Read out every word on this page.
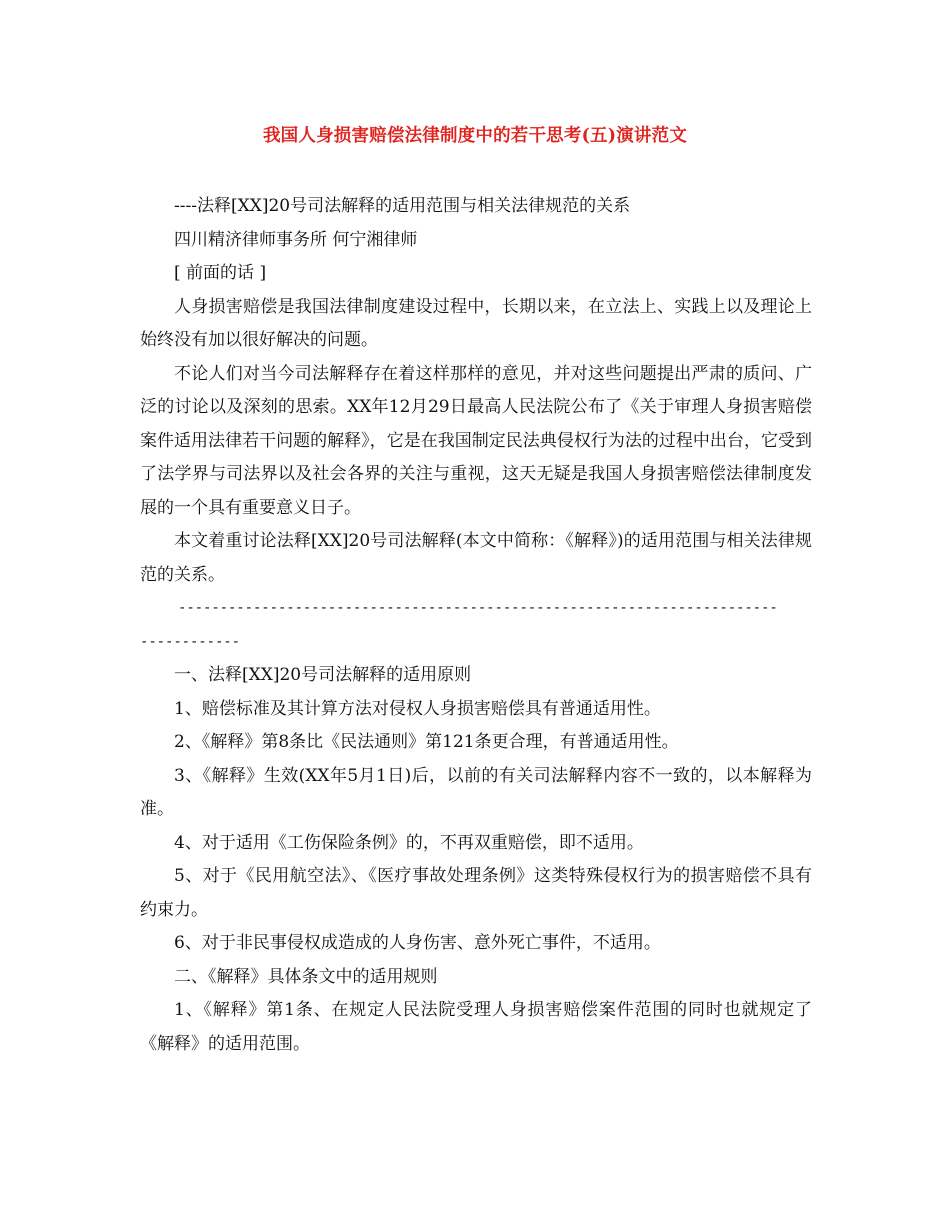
我国人身损害赔偿法律制度中的若干思考(五)演讲范文

----法释[XX]20号司法解释的适用范围与相关法律规范的关系

四川精济律师事务所 何宁湘律师

[ 前面的话 ]

人身损害赔偿是我国法律制度建设过程中，长期以来，在立法上、实践上以及理论上始终没有加以很好解决的问题。

不论人们对当今司法解释存在着这样那样的意见，并对这些问题提出严肃的质问、广泛的讨论以及深刻的思索。XX年12月29日最高人民法院公布了《关于审理人身损害赔偿案件适用法律若干问题的解释》，它是在我国制定民法典侵权行为法的过程中出台，它受到了法学界与司法界以及社会各界的关注与重视，这天无疑是我国人身损害赔偿法律制度发展的一个具有重要意义日子。

本文着重讨论法释[XX]20号司法解释(本文中简称：《解释》)的适用范围与相关法律规范的关系。

------------------------------------------------------------------------
------------

一、法释[XX]20号司法解释的适用原则

1、赔偿标准及其计算方法对侵权人身损害赔偿具有普通适用性。

2、《解释》第8条比《民法通则》第121条更合理，有普通适用性。

3、《解释》生效(XX年5月1日)后，以前的有关司法解释内容不一致的，以本解释为准。

4、对于适用《工伤保险条例》的，不再双重赔偿，即不适用。

5、对于《民用航空法》、《医疗事故处理条例》这类特殊侵权行为的损害赔偿不具有约束力。

6、对于非民事侵权成造成的人身伤害、意外死亡事件，不适用。

二、《解释》具体条文中的适用规则

1、《解释》第1条、在规定人民法院受理人身损害赔偿案件范围的同时也就规定了《解释》的适用范围。
